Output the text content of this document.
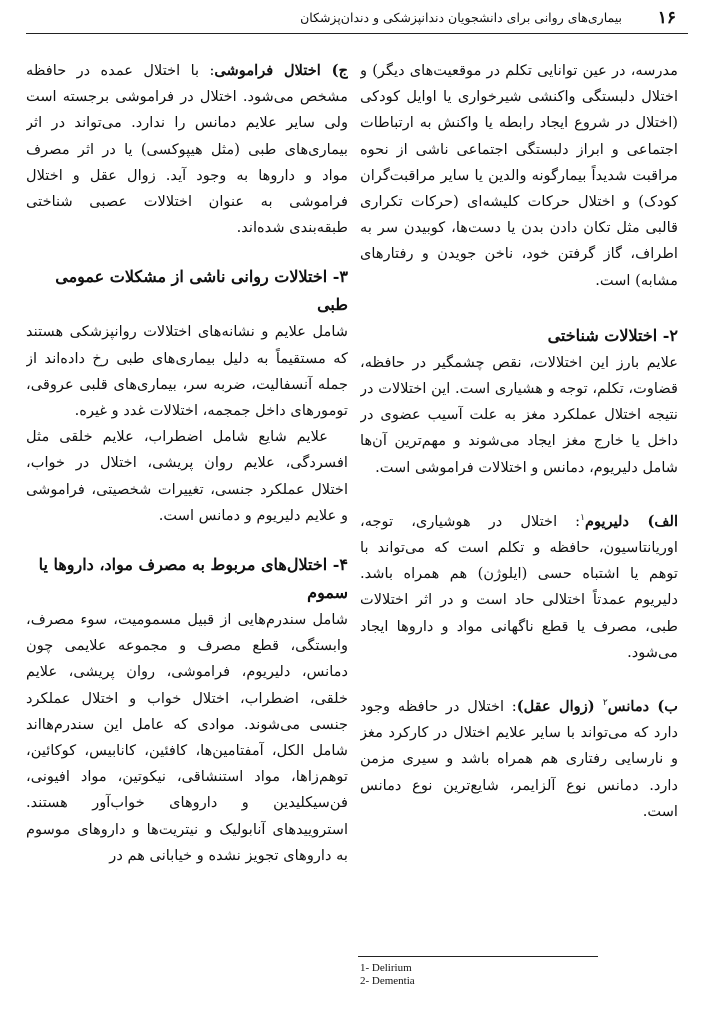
۱۶
بیماری‌های روانی برای دانشجویان دندانپزشکی و دندان‌پزشکان

مدرسه، در عین توانایی تکلم در موقعیت‌های دیگر) و اختلال دلبستگی واکنشی شیرخواری یا اوایل کودکی (اختلال در شروع ایجاد رابطه یا واکنش به ارتباطات اجتماعی و ابراز دلبستگی اجتماعی ناشی از نحوه مراقبت شدیداً بیمارگونه والدین یا سایر مراقبت‌گران کودک) و اختلال حرکات کلیشه‌ای (حرکات تکراری قالبی مثل تکان دادن بدن یا دست‌ها، کوبیدن سر به اطراف، گاز گرفتن خود، ناخن جویدن و رفتارهای مشابه) است.

۲- اختلالات شناختی

علایم بارز این اختلالات، نقص چشمگیر در حافظه، قضاوت، تکلم، توجه و هشیاری است. این اختلالات در نتیجه اختلال عملکرد مغز به علت آسیب عضوی در داخل یا خارج مغز ایجاد می‌شوند و مهم‌ترین آن‌ها شامل دلیریوم، دمانس و اختلالات فراموشی است.

الف) دلیریوم$^۱$: اختلال در هوشیاری، توجه، اوریانتاسیون، حافظه و تکلم است که می‌تواند با توهم یا اشتباه حسی (ایلوژن) هم همراه باشد. دلیریوم عمدتاً اختلالی حاد است و در اثر اختلالات طبی، مصرف یا قطع ناگهانی مواد و داروها ایجاد می‌شود.

ب) دمانس$^۲$ (زوال عقل): اختلال در حافظه وجود دارد که می‌تواند با سایر علایم اختلال در کارکرد مغز و نارسایی رفتاری هم همراه باشد و سیری مزمن دارد. دمانس نوع آلزایمر، شایع‌ترین نوع دمانس است.

ج) اختلال فراموشی: با اختلال عمده در حافظه مشخص می‌شود. اختلال در فراموشی برجسته است ولی سایر علایم دمانس را ندارد. می‌تواند در اثر بیماری‌های طبی (مثل هیپوکسی) یا در اثر مصرف مواد و داروها به وجود آید. زوال عقل و اختلال فراموشی به عنوان اختلالات عصبی شناختی طبقه‌بندی شده‌اند.

۳- اختلالات روانی ناشی از مشکلات عمومی طبی

شامل علایم و نشانه‌های اختلالات روانپزشکی هستند که مستقیماً به دلیل بیماری‌های طبی رخ داده‌اند از جمله آنسفالیت، ضربه سر، بیماری‌های قلبی عروقی، تومورهای داخل جمجمه، اختلالات غدد و غیره.

علایم شایع شامل اضطراب، علایم خلقی مثل افسردگی، علایم روان پریشی، اختلال در خواب، اختلال عملکرد جنسی، تغییرات شخصیتی، فراموشی و علایم دلیریوم و دمانس است.

۴- اختلال‌های مربوط به مصرف مواد، داروها یا سموم

شامل سندرم‌هایی از قبیل مسمومیت، سوء مصرف، وابستگی، قطع مصرف و مجموعه علایمی چون دمانس، دلیریوم، فراموشی، روان پریشی، علایم خلقی، اضطراب، اختلال خواب و اختلال عملکرد جنسی می‌شوند. موادی که عامل این سندرم‌هااند شامل الکل، آمفتامین‌ها، کافئین، کانابیس، کوکائین، توهم‌زاها، مواد استنشاقی، نیکوتین، مواد افیونی، فن‌سیکلیدین و داروهای خواب‌آور هستند. استروییدهای آنابولیک و نیتریت‌ها و داروهای موسوم به داروهای تجویز نشده و خیابانی هم در

1- Delirium
2- Dementia
